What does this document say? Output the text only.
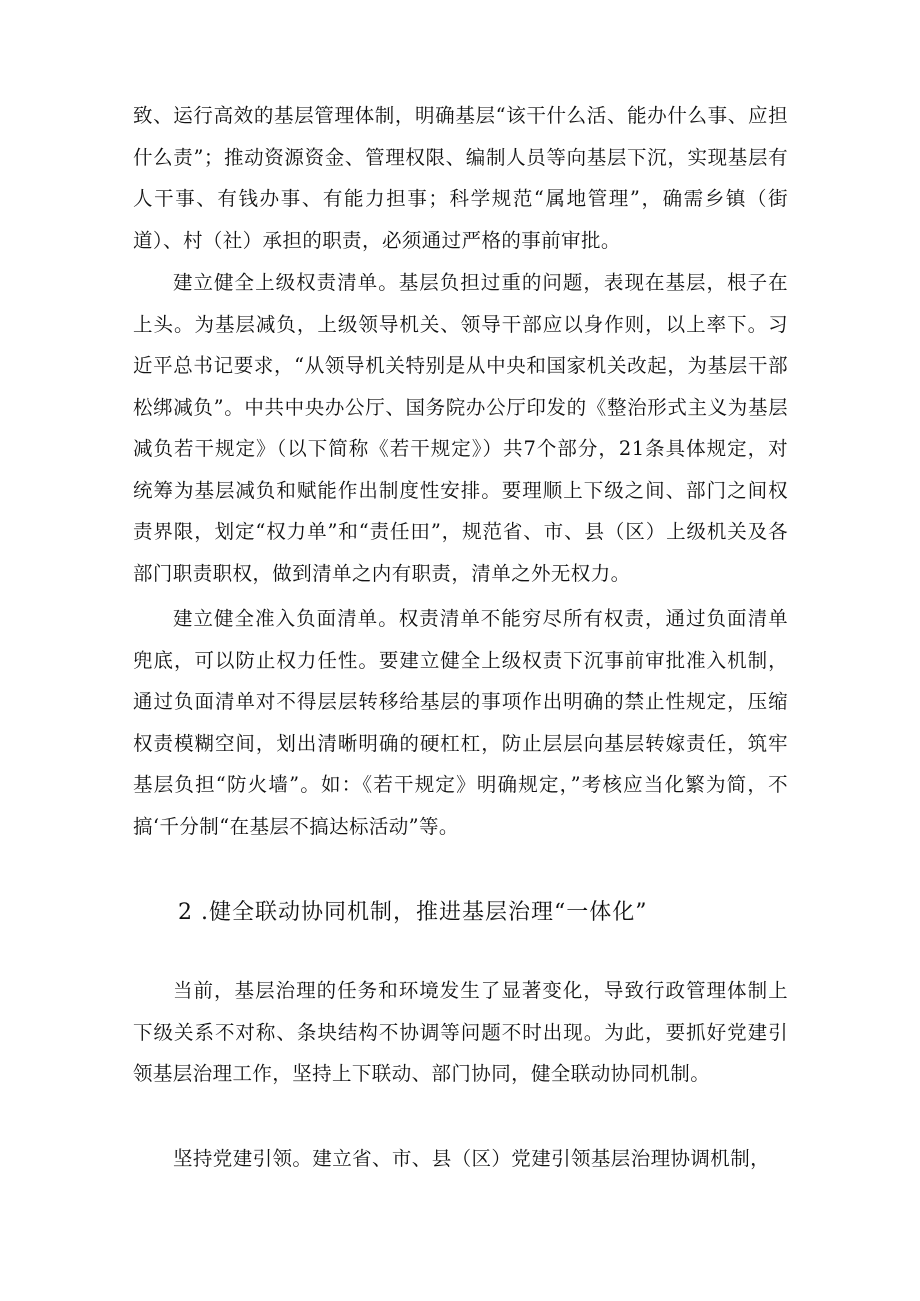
致、运行高效的基层管理体制，明确基层“该干什么活、能办什么事、应担什么责”；推动资源资金、管理权限、编制人员等向基层下沉，实现基层有人干事、有钱办事、有能力担事；科学规范“属地管理”，确需乡镇（街道）、村（社）承担的职责，必须通过严格的事前审批。

建立健全上级权责清单。基层负担过重的问题，表现在基层，根子在上头。为基层减负，上级领导机关、领导干部应以身作则，以上率下。习近平总书记要求，“从领导机关特别是从中央和国家机关改起，为基层干部松绑减负”。中共中央办公厅、国务院办公厅印发的《整治形式主义为基层减负若干规定》（以下简称《若干规定》）共7个部分，21条具体规定，对统筹为基层减负和赋能作出制度性安排。要理顺上下级之间、部门之间权责界限，划定“权力单”和“责任田”，规范省、市、县（区）上级机关及各部门职责职权，做到清单之内有职责，清单之外无权力。

建立健全准入负面清单。权责清单不能穷尽所有权责，通过负面清单兜底，可以防止权力任性。要建立健全上级权责下沉事前审批准入机制，通过负面清单对不得层层转移给基层的事项作出明确的禁止性规定，压缩权责模糊空间，划出清晰明确的硬杠杠，防止层层向基层转嫁责任，筑牢基层负担“防火墙”。如：《若干规定》明确规定，”考核应当化繁为简，不搞‘千分制“在基层不搞达标活动”等。

2 .健全联动协同机制，推进基层治理“一体化”

当前，基层治理的任务和环境发生了显著变化，导致行政管理体制上下级关系不对称、条块结构不协调等问题不时出现。为此，要抓好党建引领基层治理工作，坚持上下联动、部门协同，健全联动协同机制。

坚持党建引领。建立省、市、县（区）党建引领基层治理协调机制，
